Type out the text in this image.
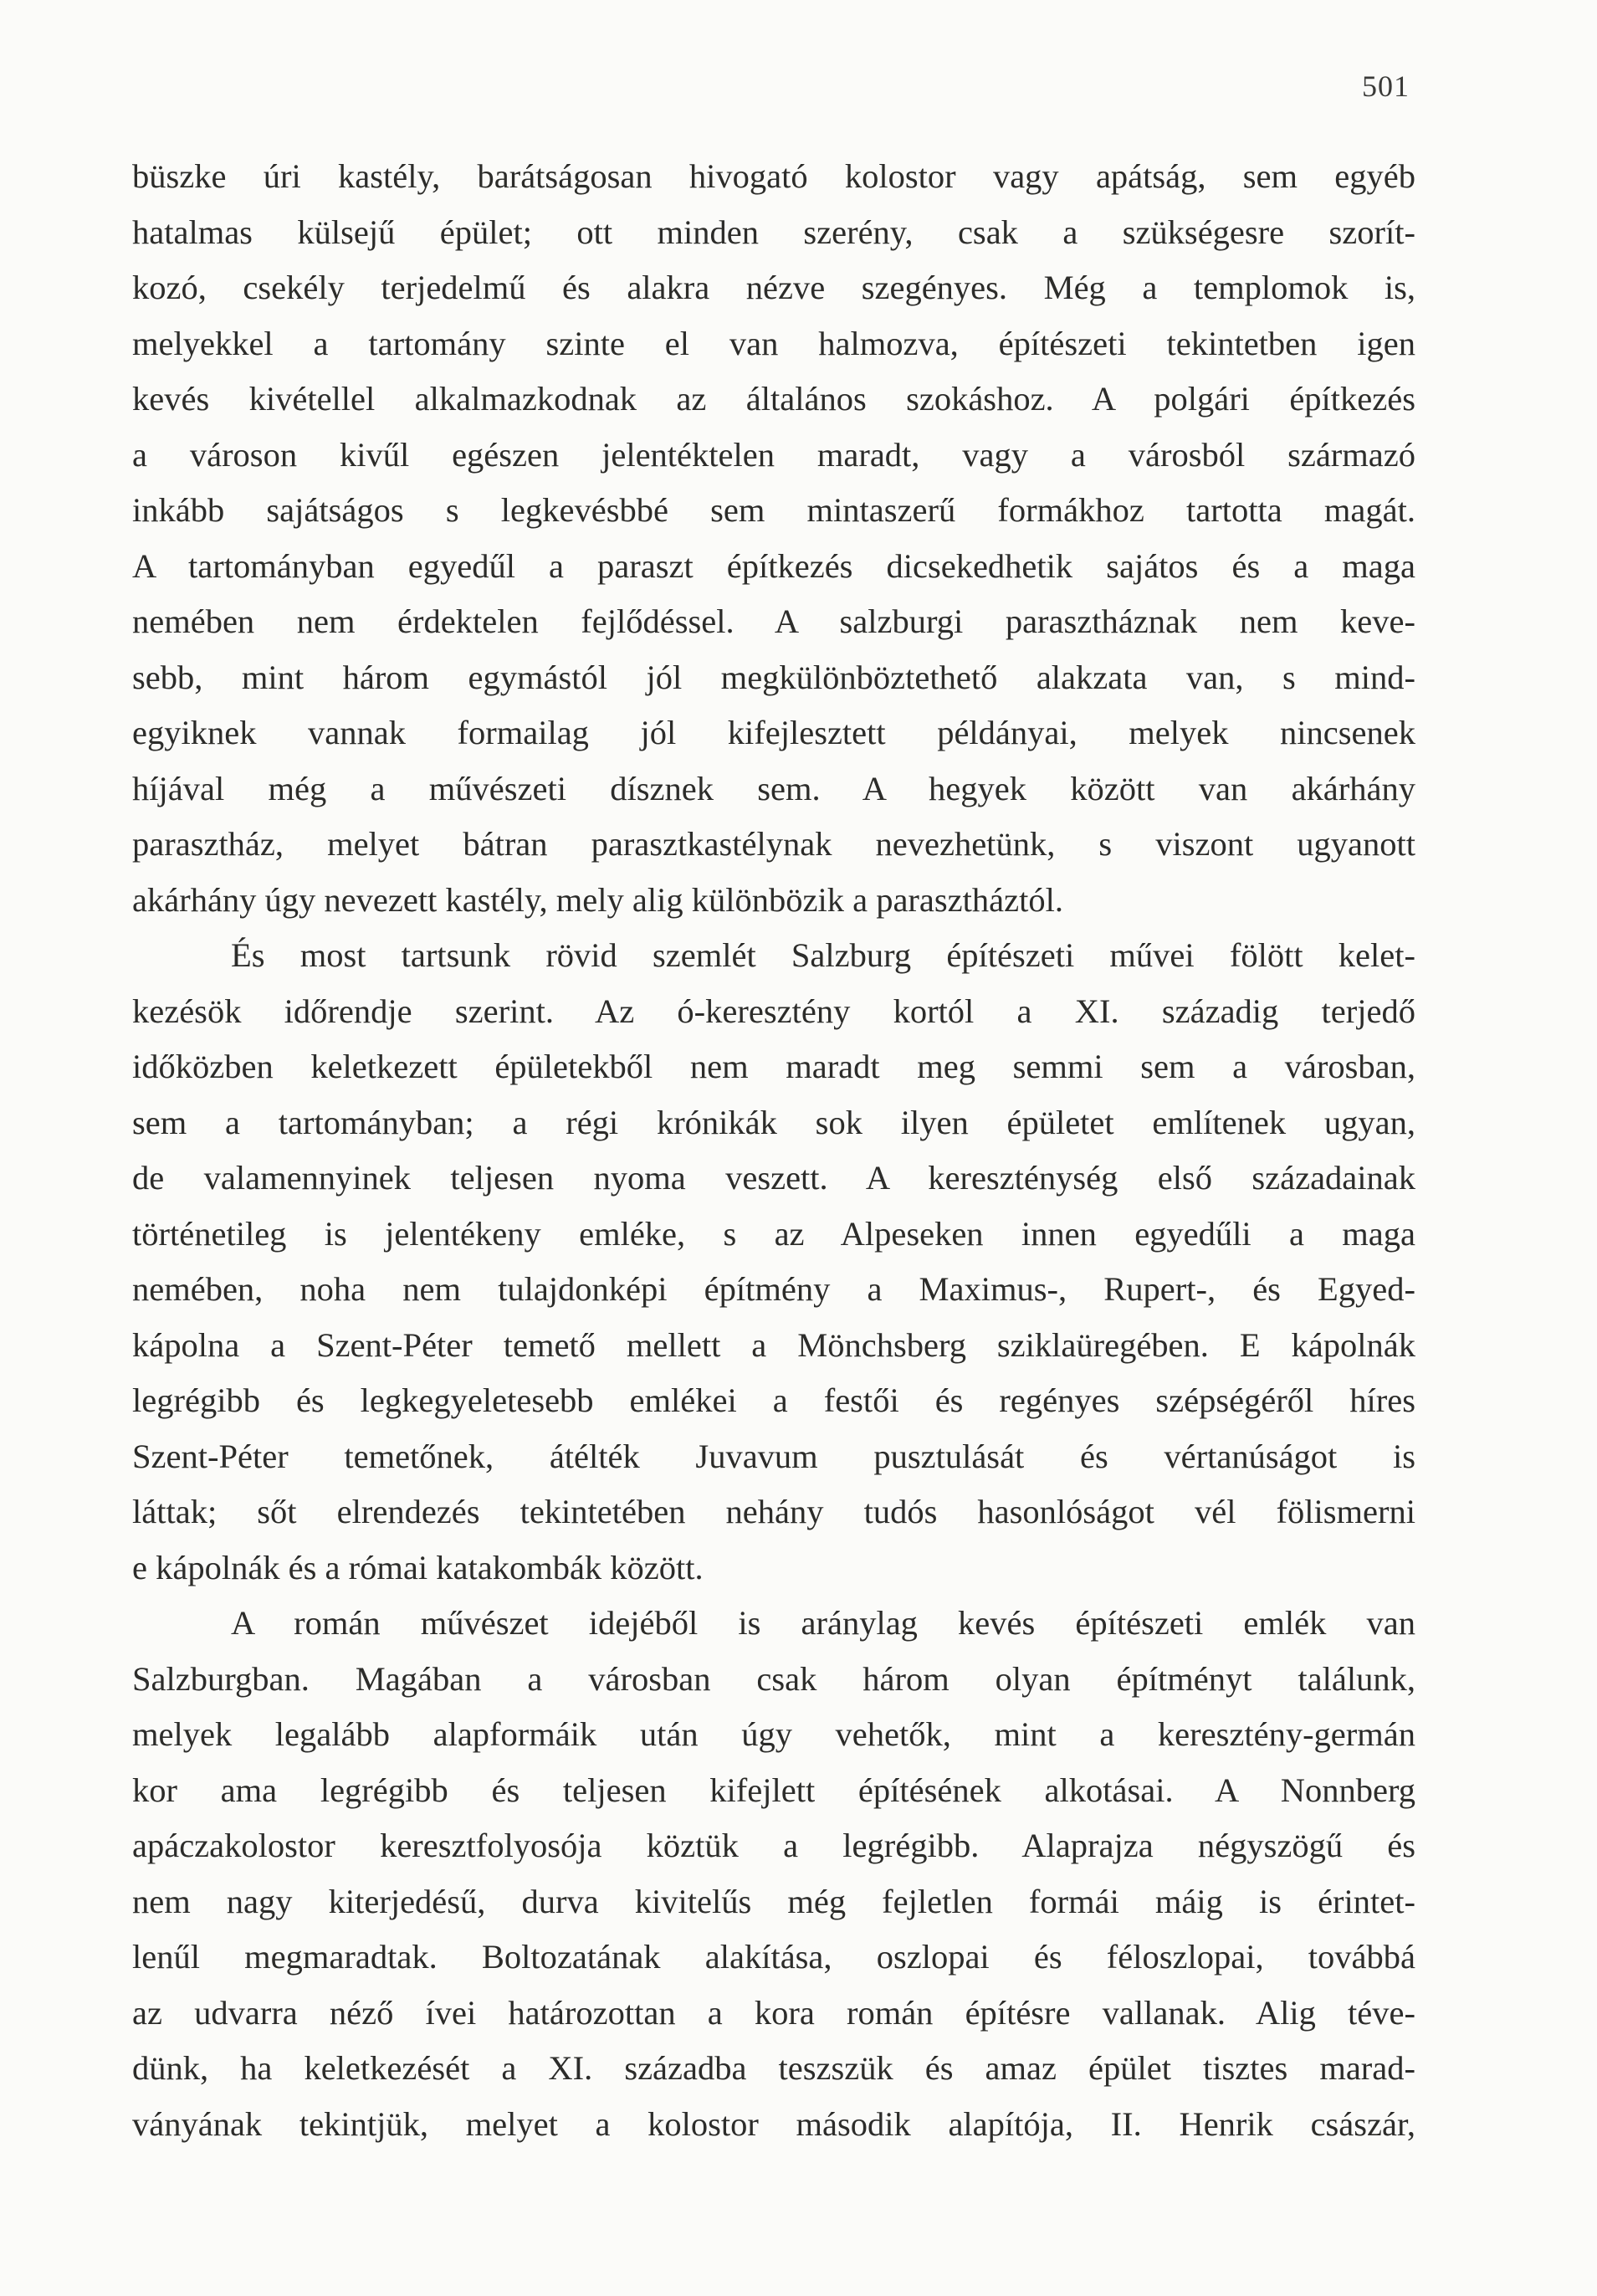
501
büszke úri kastély, barátságosan hivogató kolostor vagy apátság, sem egyéb
hatalmas külsejű épület; ott minden szerény, csak a szükségesre szorít-
kozó, csekély terjedelmű és alakra nézve szegényes. Még a templomok is,
melyekkel a tartomány szinte el van halmozva, építészeti tekintetben igen
kevés kivétellel alkalmazkodnak az általános szokáshoz. A polgári építkezés
a városon kivűl egészen jelentéktelen maradt, vagy a városból származó
inkább sajátságos s legkevésbbé sem mintaszerű formákhoz tartotta magát.
A tartományban egyedűl a paraszt építkezés dicsekedhetik sajátos és a maga
nemében nem érdektelen fejlődéssel. A salzburgi parasztháznak nem keve-
sebb, mint három egymástól jól megkülönböztethető alakzata van, s mind-
egyiknek vannak formailag jól kifejlesztett példányai, melyek nincsenek
híjával még a művészeti dísznek sem. A hegyek között van akárhány
parasztház, melyet bátran parasztkastélynak nevezhetünk, s viszont ugyanott
akárhány úgy nevezett kastély, mely alig különbözik a parasztháztól.
És most tartsunk rövid szemlét Salzburg építészeti művei fölött kelet-
kezésök időrendje szerint. Az ó-keresztény kortól a XI. századig terjedő
időközben keletkezett épületekből nem maradt meg semmi sem a városban,
sem a tartományban; a régi krónikák sok ilyen épületet említenek ugyan,
de valamennyinek teljesen nyoma veszett. A kereszténység első századainak
történetileg is jelentékeny emléke, s az Alpeseken innen egyedűli a maga
nemében, noha nem tulajdonképi építmény a Maximus-, Rupert-, és Egyed-
kápolna a Szent-Péter temető mellett a Mönchsberg sziklaüregében. E kápolnák
legrégibb és legkegyeletesebb emlékei a festői és regényes szépségéről híres
Szent-Péter temetőnek, átélték Juvavum pusztulását és vértanúságot is
láttak; sőt elrendezés tekintetében nehány tudós hasonlóságot vél fölismerni
e kápolnák és a római katakombák között.
A román művészet idejéből is aránylag kevés építészeti emlék van
Salzburgban. Magában a városban csak három olyan építményt találunk,
melyek legalább alapformáik után úgy vehetők, mint a keresztény-germán
kor ama legrégibb és teljesen kifejlett építésének alkotásai. A Nonnberg
apáczakolostor keresztfolyosója köztük a legrégibb. Alaprajza négyszögű és
nem nagy kiterjedésű, durva kivitelűs még fejletlen formái máig is érintet-
lenűl megmaradtak. Boltozatának alakítása, oszlopai és féloszlopai, továbbá
az udvarra néző ívei határozottan a kora román építésre vallanak. Alig téve-
dünk, ha keletkezését a XI. századba teszszük és amaz épület tisztes marad-
ványának tekintjük, melyet a kolostor második alapítója, II. Henrik császár,
